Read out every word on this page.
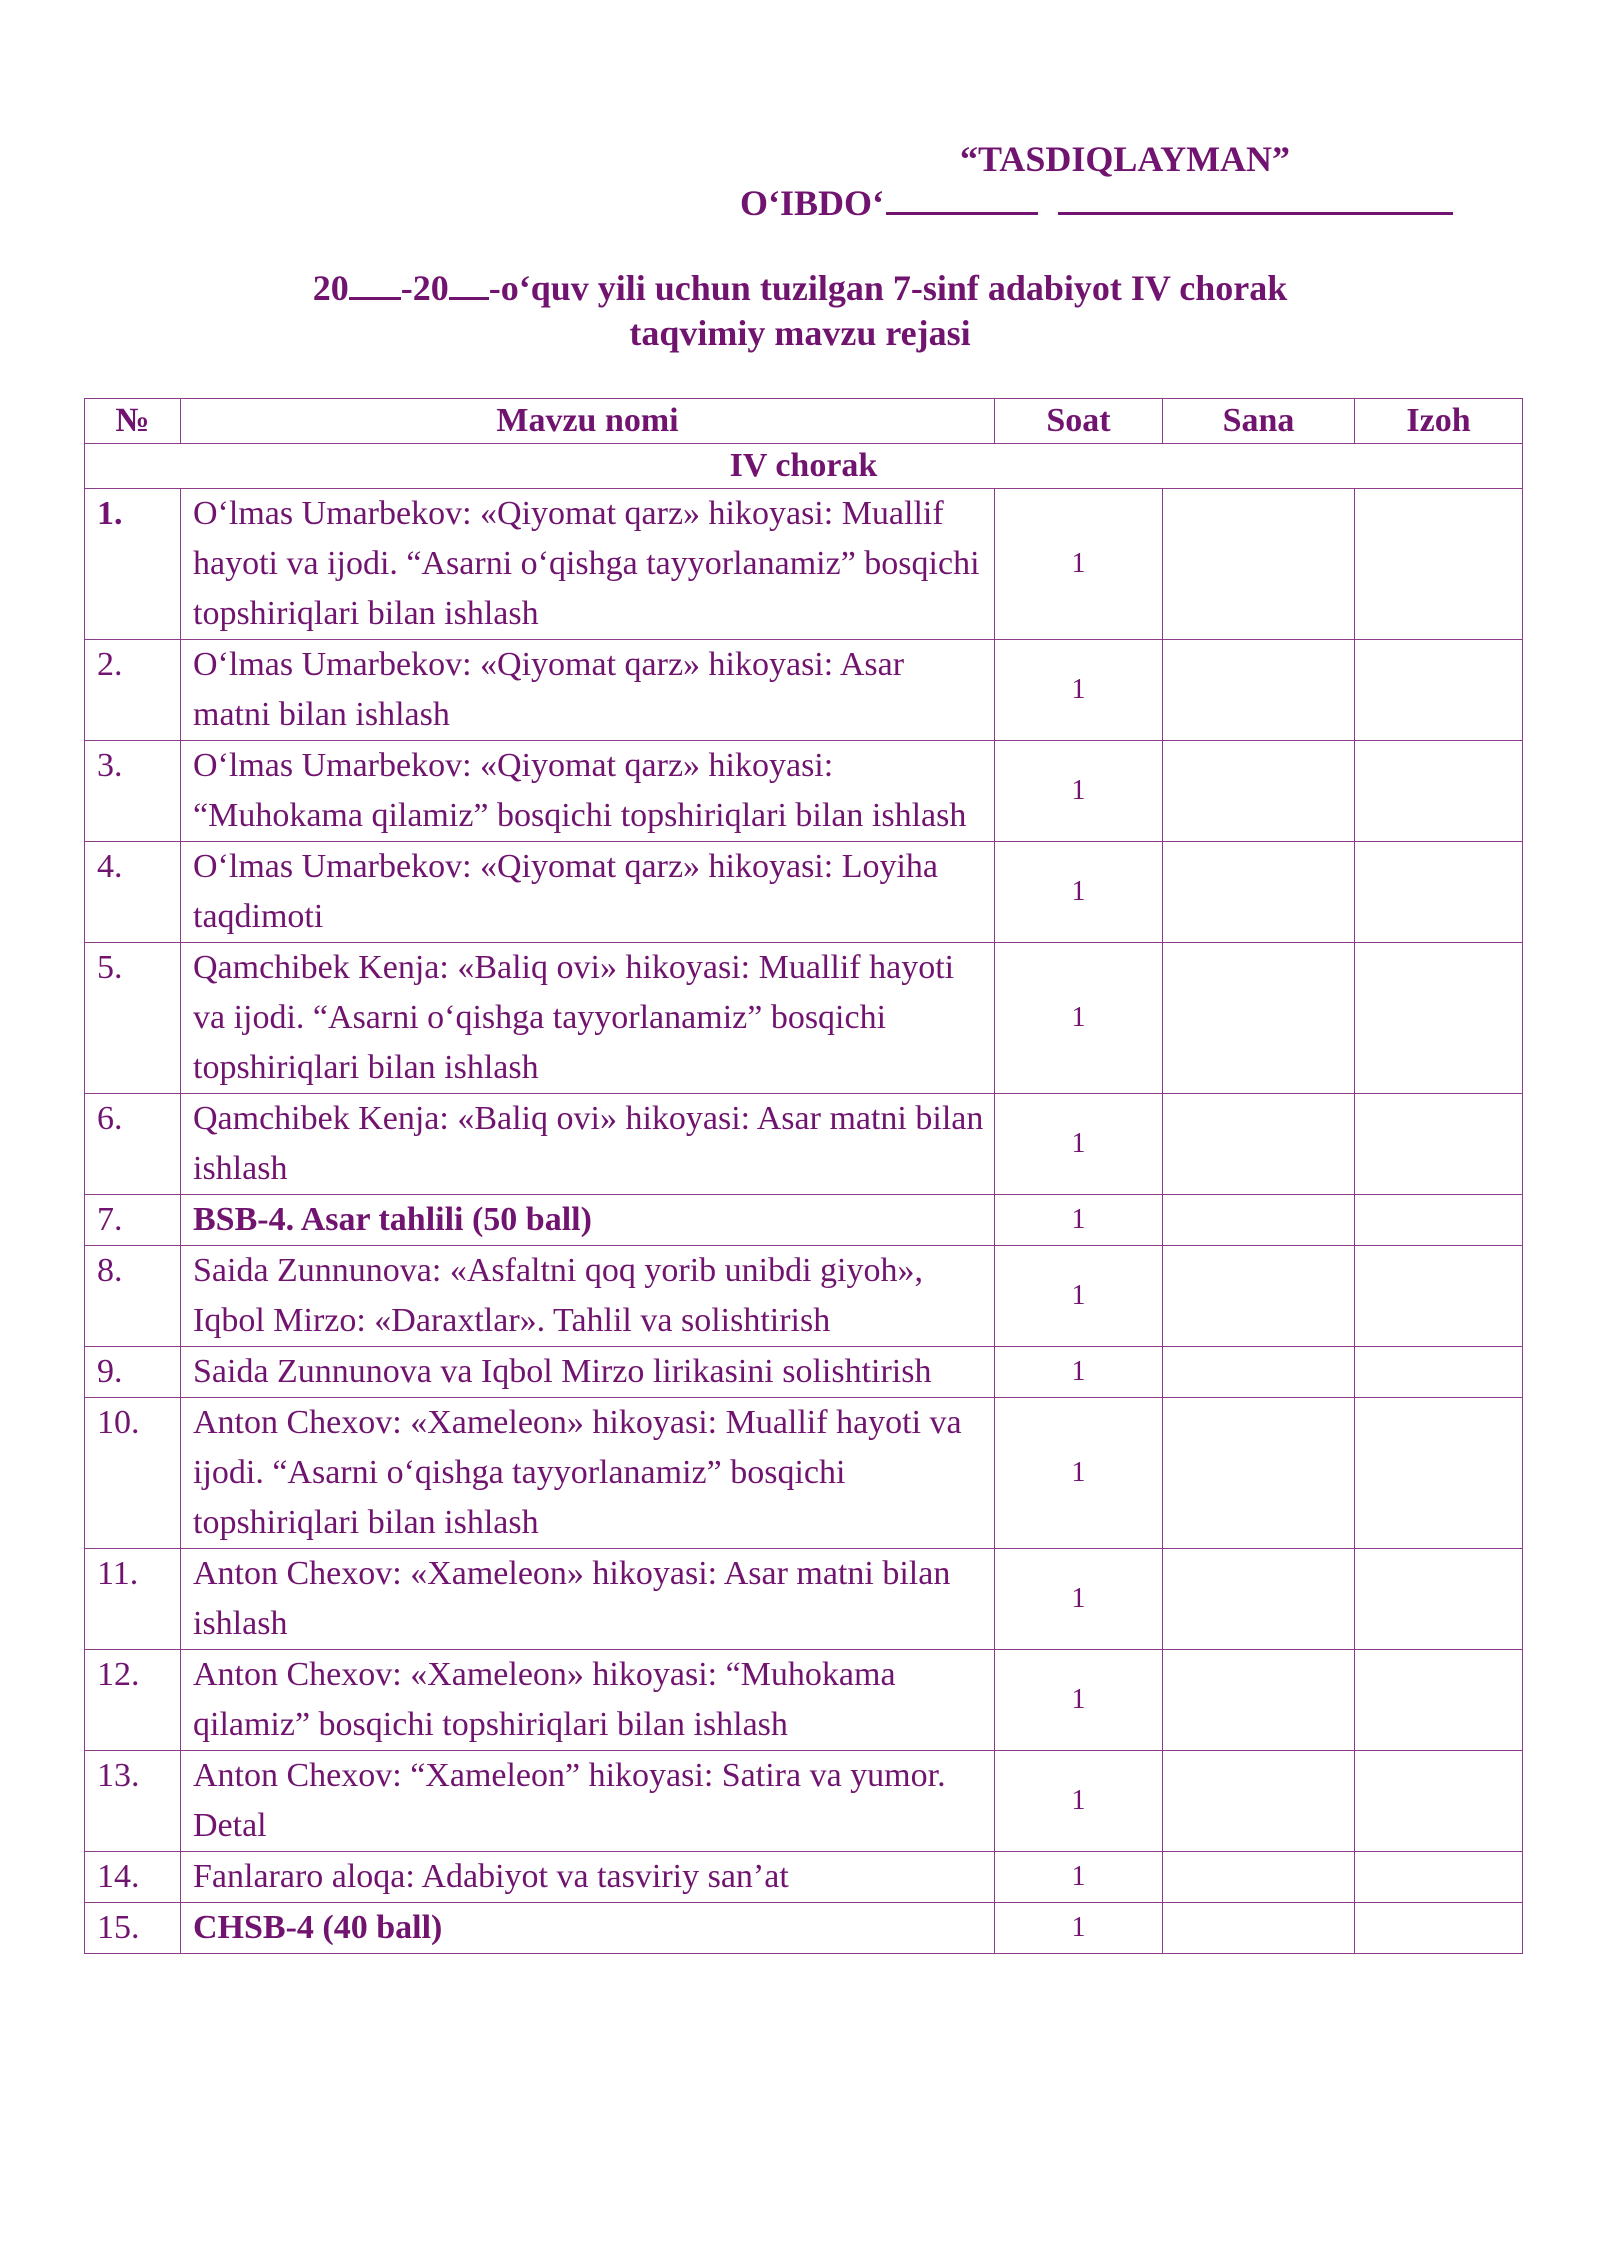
“TASDIQLAYMAN”
O‘IBDO‘
20 -20 -o‘quv yili uchun tuzilgan 7-sinf adabiyot IV chorak
taqvimiy mavzu rejasi
№	Mavzu nomi	Soat	Sana	Izoh
IV chorak				
1.	O‘lmas Umarbekov: «Qiyomat qarz» hikoyasi: Muallif hayoti va ijodi. “Asarni o‘qishga tayyorlanamiz” bosqichi topshiriqlari bilan ishlash	1		
2.	O‘lmas Umarbekov: «Qiyomat qarz» hikoyasi: Asar matni bilan ishlash	1		
3.	O‘lmas Umarbekov: «Qiyomat qarz» hikoyasi: “Muhokama qilamiz” bosqichi topshiriqlari bilan ishlash	1		
4.	O‘lmas Umarbekov: «Qiyomat qarz» hikoyasi: Loyiha taqdimoti	1		
5.	Qamchibek Kenja: «Baliq ovi» hikoyasi: Muallif hayoti va ijodi. “Asarni o‘qishga tayyorlanamiz” bosqichi topshiriqlari bilan ishlash	1		
6.	Qamchibek Kenja: «Baliq ovi» hikoyasi: Asar matni bilan ishlash	1		
7.	BSB-4. Asar tahlili (50 ball)	1		
8.	Saida Zunnunova: «Asfaltni qoq yorib unibdi giyoh», Iqbol Mirzo: «Daraxtlar». Tahlil va solishtirish	1		
9.	Saida Zunnunova va Iqbol Mirzo lirikasini solishtirish	1		
10.	Anton Chexov: «Xameleon» hikoyasi: Muallif hayoti va ijodi. “Asarni o‘qishga tayyorlanamiz” bosqichi topshiriqlari bilan ishlash	1		
11.	Anton Chexov: «Xameleon» hikoyasi: Asar matni bilan ishlash	1		
12.	Anton Chexov: «Xameleon» hikoyasi: “Muhokama qilamiz” bosqichi topshiriqlari bilan ishlash	1		
13.	Anton Chexov: “Xameleon” hikoyasi: Satira va yumor. Detal	1		
14.	Fanlararo aloqa: Adabiyot va tasviriy san’at	1		
15.	CHSB-4 (40 ball)	1		
